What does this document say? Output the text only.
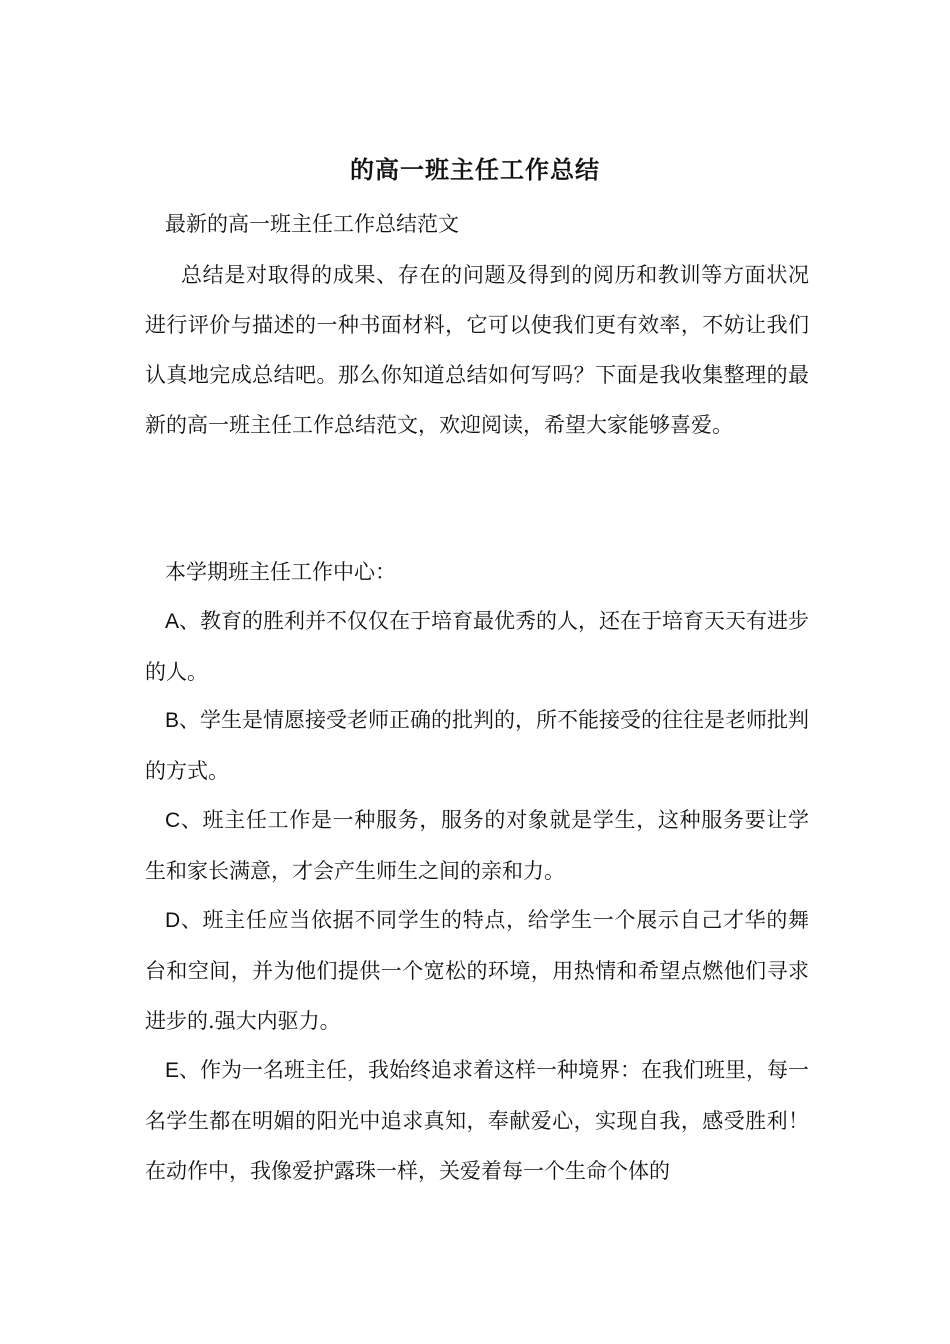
的高一班主任工作总结

最新的高一班主任工作总结范文

总结是对取得的成果、存在的问题及得到的阅历和教训等方面状况进行评价与描述的一种书面材料，它可以使我们更有效率，不妨让我们认真地完成总结吧。那么你知道总结如何写吗？下面是我收集整理的最新的高一班主任工作总结范文，欢迎阅读，希望大家能够喜爱。

本学期班主任工作中心：

A、教育的胜利并不仅仅在于培育最优秀的人，还在于培育天天有进步的人。

B、学生是情愿接受老师正确的批判的，所不能接受的往往是老师批判的方式。

C、班主任工作是一种服务，服务的对象就是学生，这种服务要让学生和家长满意，才会产生师生之间的亲和力。

D、班主任应当依据不同学生的特点，给学生一个展示自己才华的舞台和空间，并为他们提供一个宽松的环境，用热情和希望点燃他们寻求进步的.强大内驱力。

E、作为一名班主任，我始终追求着这样一种境界：在我们班里，每一名学生都在明媚的阳光中追求真知，奉献爱心，实现自我，感受胜利！在动作中，我像爱护露珠一样，关爱着每一个生命个体的
